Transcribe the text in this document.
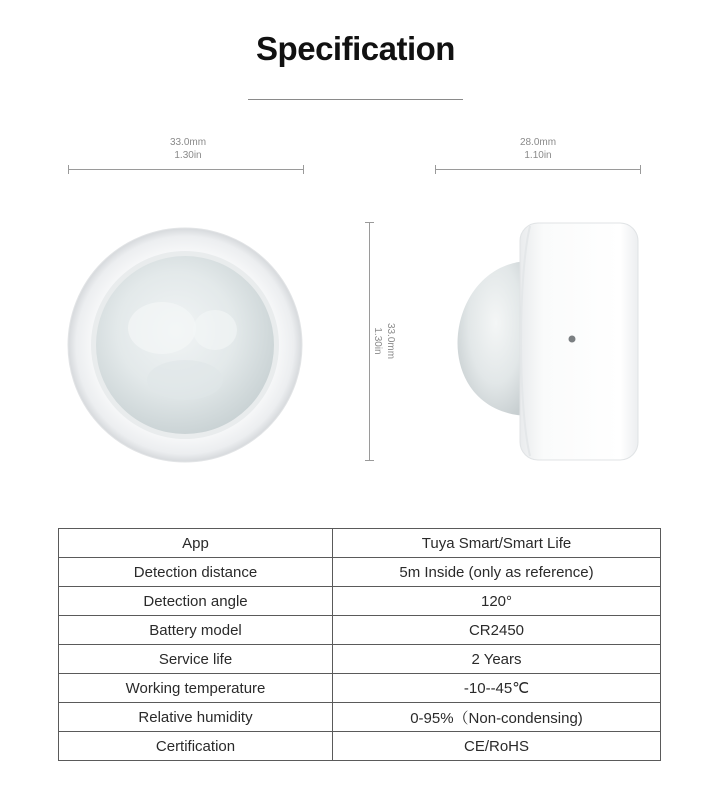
Specification
33.0mm
1.30in
28.0mm
1.10in
33.0mm
1.30in
App	Tuya Smart/Smart Life
Detection distance	5m Inside (only as reference)
Detection angle	120°
Battery model	CR2450
Service life	2 Years
Working temperature	-10--45℃
Relative humidity	0-95%（Non-condensing)
Certification	CE/RoHS
